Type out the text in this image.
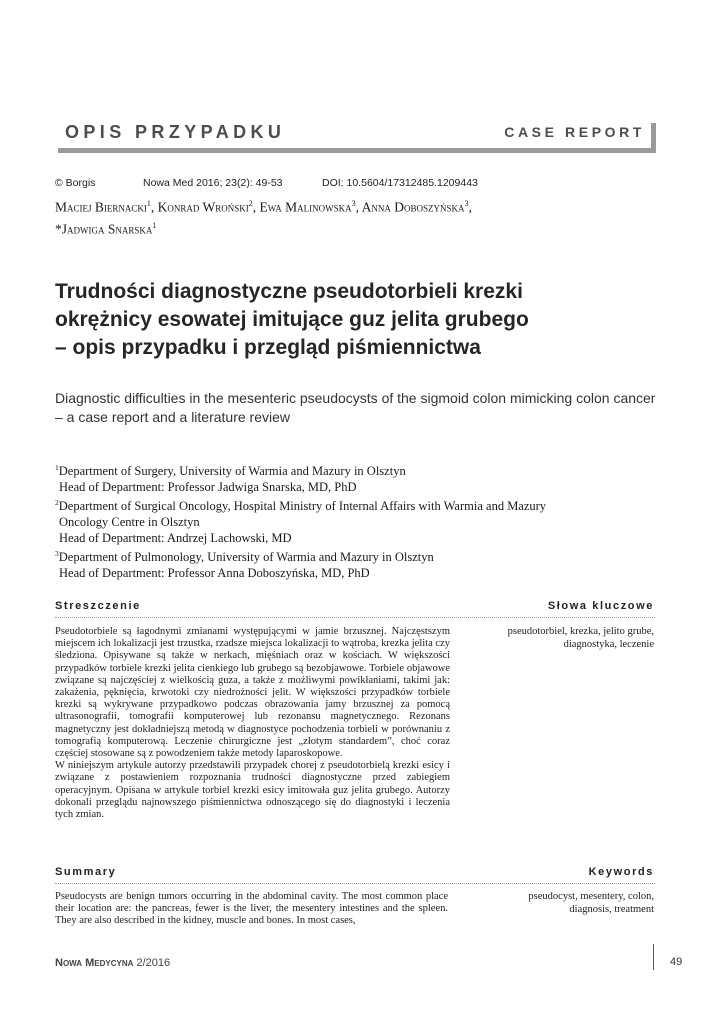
OPIS PRZYPADKU	CASE REPORT
© Borgis	Nowa Med 2016; 23(2): 49-53	DOI: 10.5604/17312485.1209443
Maciej Biernacki$^1$, Konrad Wroński$^2$, Ewa Malinowska$^3$, Anna Doboszyńska$^3$,
*Jadwiga Snarska$^1$
Trudności diagnostyczne pseudotorbieli krezki
okrężnicy esowatej imitujące guz jelita grubego
– opis przypadku i przegląd piśmiennictwa
Diagnostic difficulties in the mesenteric pseudocysts of the sigmoid colon mimicking colon cancer
– a case report and a literature review
$^1$Department of Surgery, University of Warmia and Mazury in Olsztyn
Head of Department: Professor Jadwiga Snarska, MD, PhD
$^2$Department of Surgical Oncology, Hospital Ministry of Internal Affairs with Warmia and Mazury
Oncology Centre in Olsztyn
Head of Department: Andrzej Lachowski, MD
$^3$Department of Pulmonology, University of Warmia and Mazury in Olsztyn
Head of Department: Professor Anna Doboszyńska, MD, PhD
Streszczenie	Słowa kluczowe

Pseudotorbiele są łagodnymi zmianami występującymi w jamie brzusznej. Najczęstszym miejscem ich lokalizacji jest trzustka, rzadsze miejsca lokalizacji to wątroba, krezka jelita czy śledziona. Opisywane są także w nerkach, mięśniach oraz w kościach. W większości przypadków torbiele krezki jelita cienkiego lub grubego są bezobjawowe. Torbiele objawowe związane są najczęściej z wielkością guza, a także z możliwymi powikłaniami, takimi jak: zakażenia, pęknięcia, krwotoki czy niedrożności jelit. W większości przypadków torbiele krezki są wykrywane przypadkowo podczas obrazowania jamy brzusznej za pomocą ultrasonografii, tomografii komputerowej lub rezonansu magnetycznego. Rezonans magnetyczny jest dokładniejszą metodą w diagnostyce pochodzenia torbieli w porównaniu z tomografią komputerową. Leczenie chirurgiczne jest „złotym standardem”, choć coraz częściej stosowane są z powodzeniem także metody laparoskopowe.

W niniejszym artykule autorzy przedstawili przypadek chorej z pseudotorbielą krezki esicy i związane z postawieniem rozpoznania trudności diagnostyczne przed zabiegiem operacyjnym. Opisana w artykule torbiel krezki esicy imitowała guz jelita grubego. Autorzy dokonali przeglądu najnowszego piśmiennictwa odnoszącego się do diagnostyki i leczenia tych zmian.

pseudotorbiel, krezka, jelito grube,
diagnostyka, leczenie
Summary	Keywords
Pseudocysts are benign tumors occurring in the abdominal cavity. The most common place their location are: the pancreas, fewer is the liver, the mesentery intestines and the spleen. They are also described in the kidney, muscle and bones. In most cases,
pseudocyst, mesentery, colon,
diagnosis, treatment
Nowa Medycyna 2/2016	49
